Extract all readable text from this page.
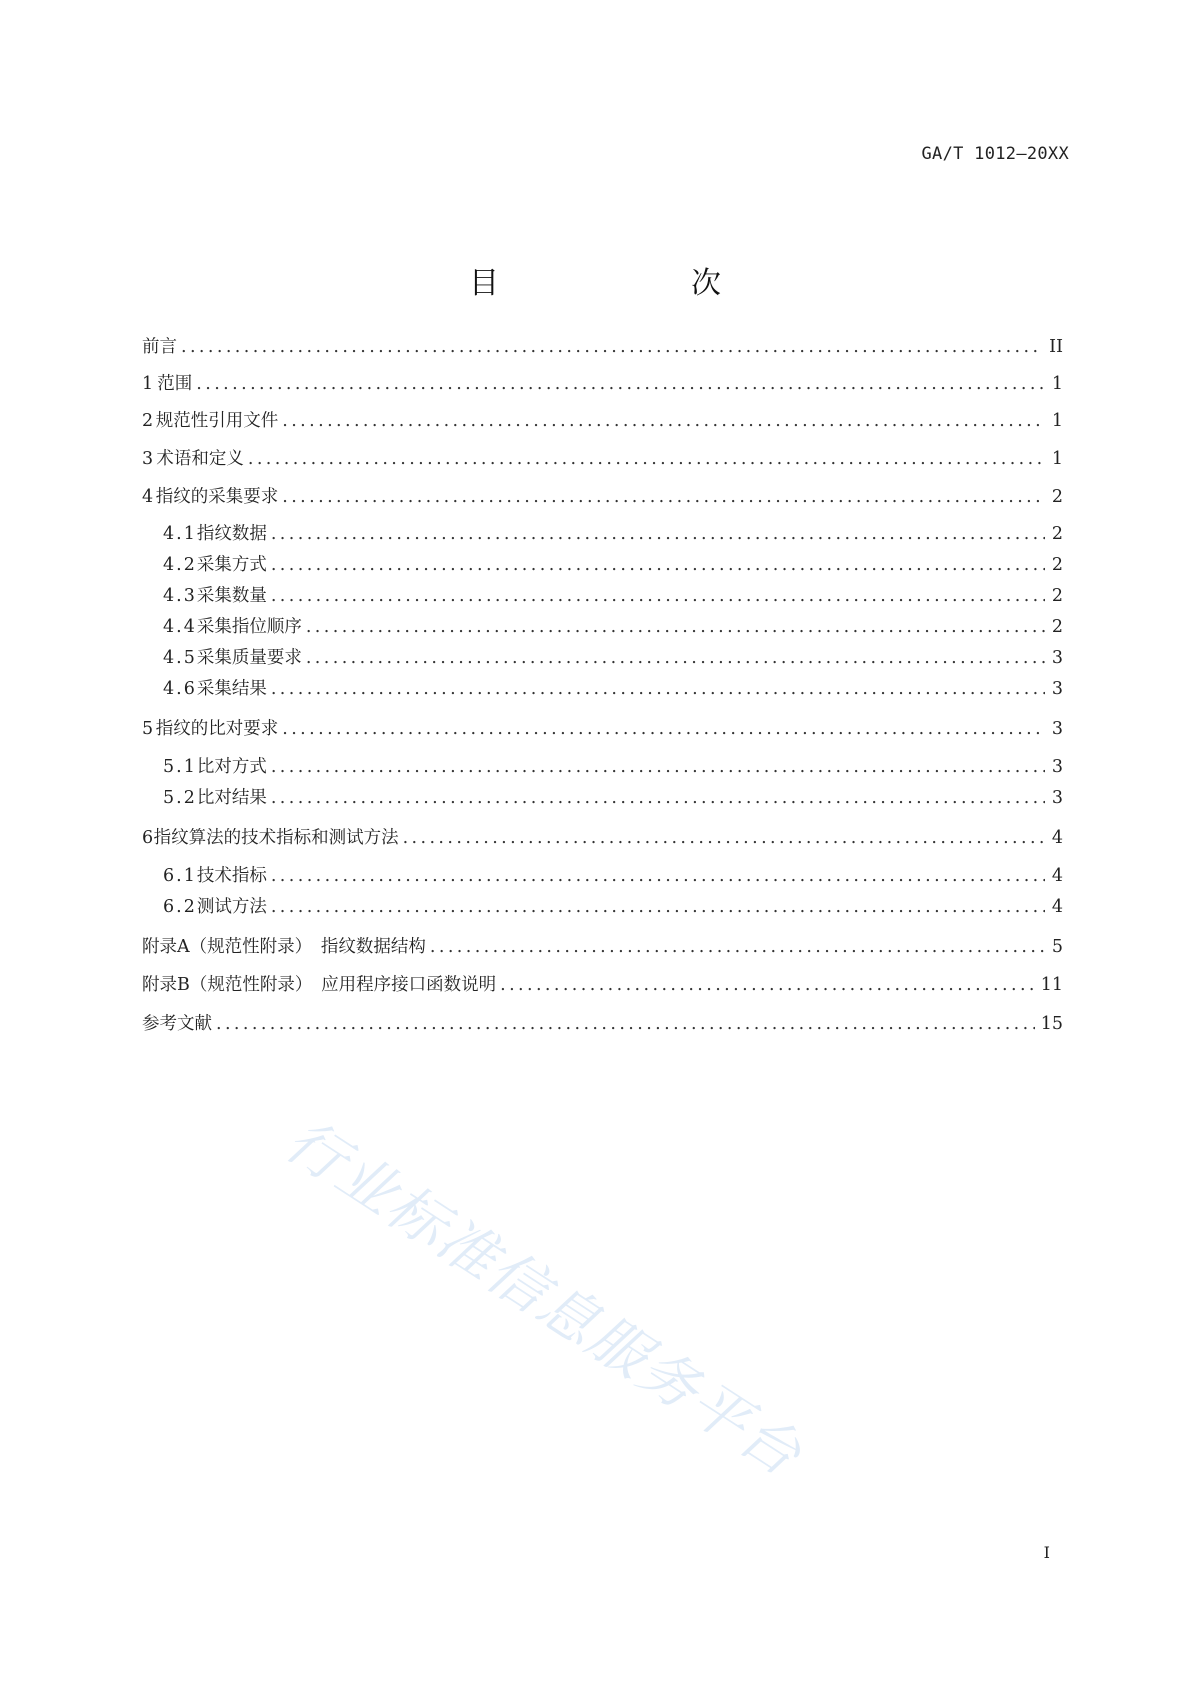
GA/T 1012—20XX
目　　次
前言 .....	II
1 范围 .....	1
2 规范性引用文件 .....	1
3 术语和定义 .....	1
4 指纹的采集要求 .....	2
4.1 指纹数据 .....	2
4.2 采集方式 .....	2
4.3 采集数量 .....	2
4.4 采集指位顺序 .....	2
4.5 采集质量要求 .....	3
4.6 采集结果 .....	3
5 指纹的比对要求 .....	3
5.1 比对方式 .....	3
5.2 比对结果 .....	3
6 指纹算法的技术指标和测试方法 .....	4
6.1 技术指标 .....	4
6.2 测试方法 .....	4
附录A（规范性附录）　指纹数据结构 .....	5
附录B（规范性附录）　应用程序接口函数说明 .....	11
参考文献 .....	15
行业标准信息服务平台
I
